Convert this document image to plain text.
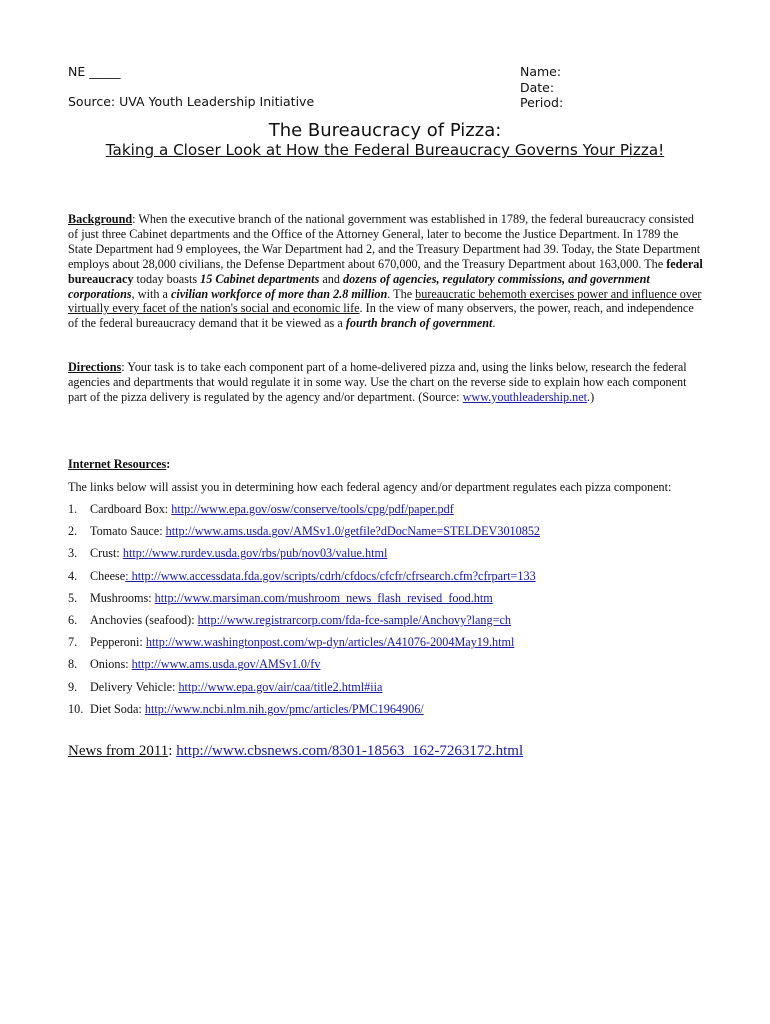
NE _____
Source: UVA Youth Leadership Initiative
Name:
Date:
Period:
The Bureaucracy of Pizza:
Taking a Closer Look at How the Federal Bureaucracy Governs Your Pizza!
Background: When the executive branch of the national government was established in 1789, the federal bureaucracy consisted of just three Cabinet departments and the Office of the Attorney General, later to become the Justice Department. In 1789 the State Department had 9 employees, the War Department had 2, and the Treasury Department had 39. Today, the State Department employs about 28,000 civilians, the Defense Department about 670,000, and the Treasury Department about 163,000. The federal bureaucracy today boasts 15 Cabinet departments and dozens of agencies, regulatory commissions, and government corporations, with a civilian workforce of more than 2.8 million. The bureaucratic behemoth exercises power and influence over virtually every facet of the nation's social and economic life. In the view of many observers, the power, reach, and independence of the federal bureaucracy demand that it be viewed as a fourth branch of government.
Directions: Your task is to take each component part of a home-delivered pizza and, using the links below, research the federal agencies and departments that would regulate it in some way. Use the chart on the reverse side to explain how each component part of the pizza delivery is regulated by the agency and/or department. (Source: www.youthleadership.net.)
Internet Resources:
The links below will assist you in determining how each federal agency and/or department regulates each pizza component:
1. Cardboard Box: http://www.epa.gov/osw/conserve/tools/cpg/pdf/paper.pdf
2. Tomato Sauce: http://www.ams.usda.gov/AMSv1.0/getfile?dDocName=STELDEV3010852
3. Crust: http://www.rurdev.usda.gov/rbs/pub/nov03/value.html
4. Cheese: http://www.accessdata.fda.gov/scripts/cdrh/cfdocs/cfcfr/cfrsearch.cfm?cfrpart=133
5. Mushrooms: http://www.marsiman.com/mushroom_news_flash_revised_food.htm
6. Anchovies (seafood): http://www.registrarcorp.com/fda-fce-sample/Anchovy?lang=ch
7. Pepperoni: http://www.washingtonpost.com/wp-dyn/articles/A41076-2004May19.html
8. Onions: http://www.ams.usda.gov/AMSv1.0/fv
9. Delivery Vehicle: http://www.epa.gov/air/caa/title2.html#iia
10. Diet Soda: http://www.ncbi.nlm.nih.gov/pmc/articles/PMC1964906/
News from 2011: http://www.cbsnews.com/8301-18563_162-7263172.html
